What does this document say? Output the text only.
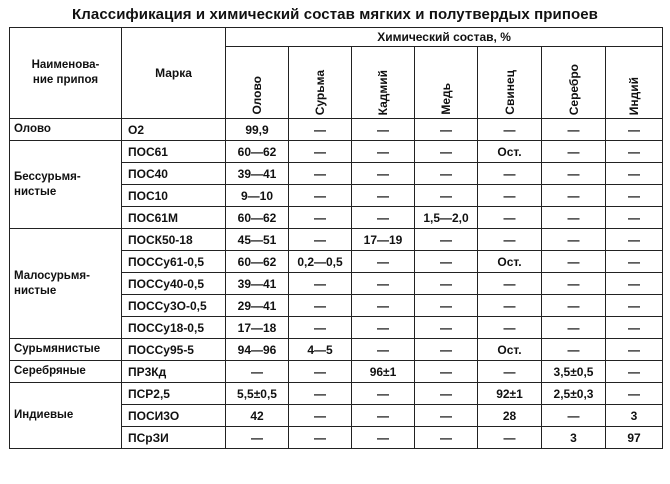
Классификация и химический состав мягких и полутвердых припоев
Наименова-
ние припоя	Марка	Химический состав, %						
		Олово	Сурьма	Кадмий	Медь	Свинец	Серебро	Индий
Олово	О2	99,9	—	—	—	—	—	—
Бессурьмя-
нистые	ПОС61	60—62	—	—	—	Ост.	—	—
	ПОС40	39—41	—	—	—	—	—	—
	ПОС10	9—10	—	—	—	—	—	—
	ПОС61М	60—62	—	—	1,5—2,0	—	—	—
Малосурьмя-
нистые	ПОСК50-18	45—51	—	17—19	—	—	—	—
	ПОССу61-0,5	60—62	0,2—0,5	—	—	Ост.	—	—
	ПОССу40-0,5	39—41	—	—	—	—	—	—
	ПОССу3О-0,5	29—41	—	—	—	—	—	—
	ПОССу18-0,5	17—18	—	—	—	—	—	—
Сурьмянистые	ПОССу95-5	94—96	4—5	—	—	Ост.	—	—
Серебряные	ПР3Кд	—	—	96±1	—	—	3,5±0,5	—
Индиевые	ПСР2,5	5,5±0,5	—	—	—	92±1	2,5±0,3	—
	ПОСИ3О	42	—	—	—	28	—	3
	ПСрЗИ	—	—	—	—	—	3	97
